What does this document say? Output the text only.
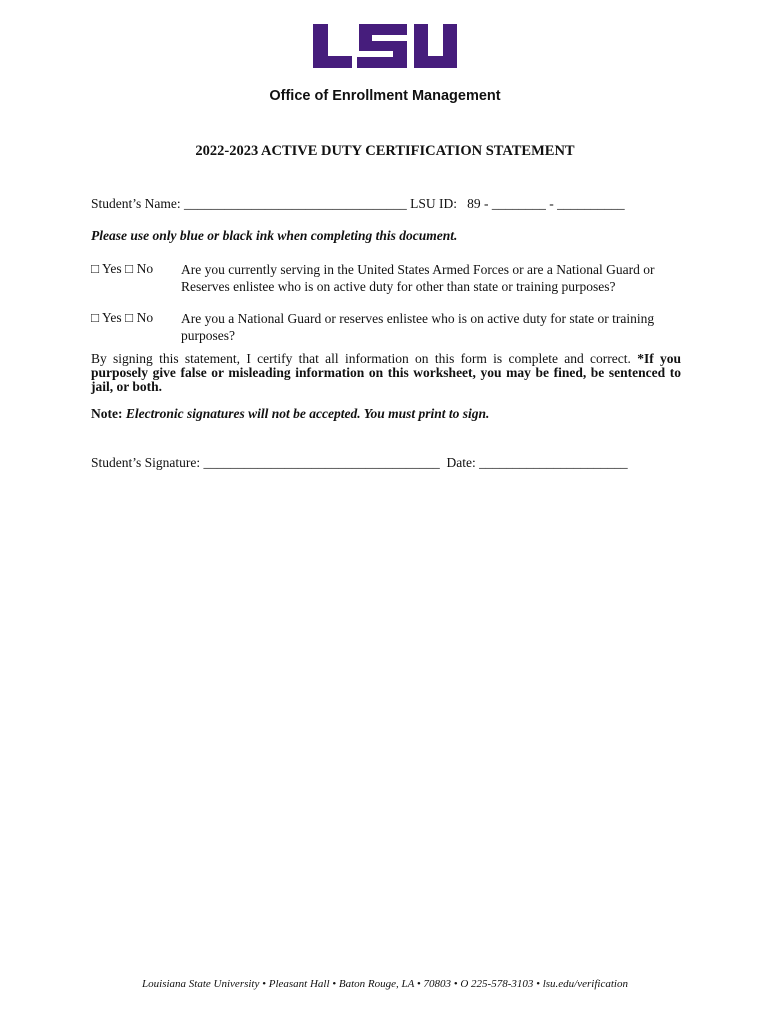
Office of Enrollment Management
2022-2023 ACTIVE DUTY CERTIFICATION STATEMENT
Student’s Name: _________________________________ LSU ID: 89 - ________ - __________
Please use only blue or black ink when completing this document.
□ Yes □ No Are you currently serving in the United States Armed Forces or are a National Guard or Reserves enlistee who is on active duty for other than state or training purposes?
□ Yes □ No Are you a National Guard or reserves enlistee who is on active duty for state or training purposes?
By signing this statement, I certify that all information on this form is complete and correct. *If you purposely give false or misleading information on this worksheet, you may be fined, be sentenced to jail, or both.
Note: Electronic signatures will not be accepted. You must print to sign.
Student’s Signature: ___________________________________ Date: ______________________
Louisiana State University • Pleasant Hall • Baton Rouge, LA • 70803 • O 225-578-3103 • lsu.edu/verification
